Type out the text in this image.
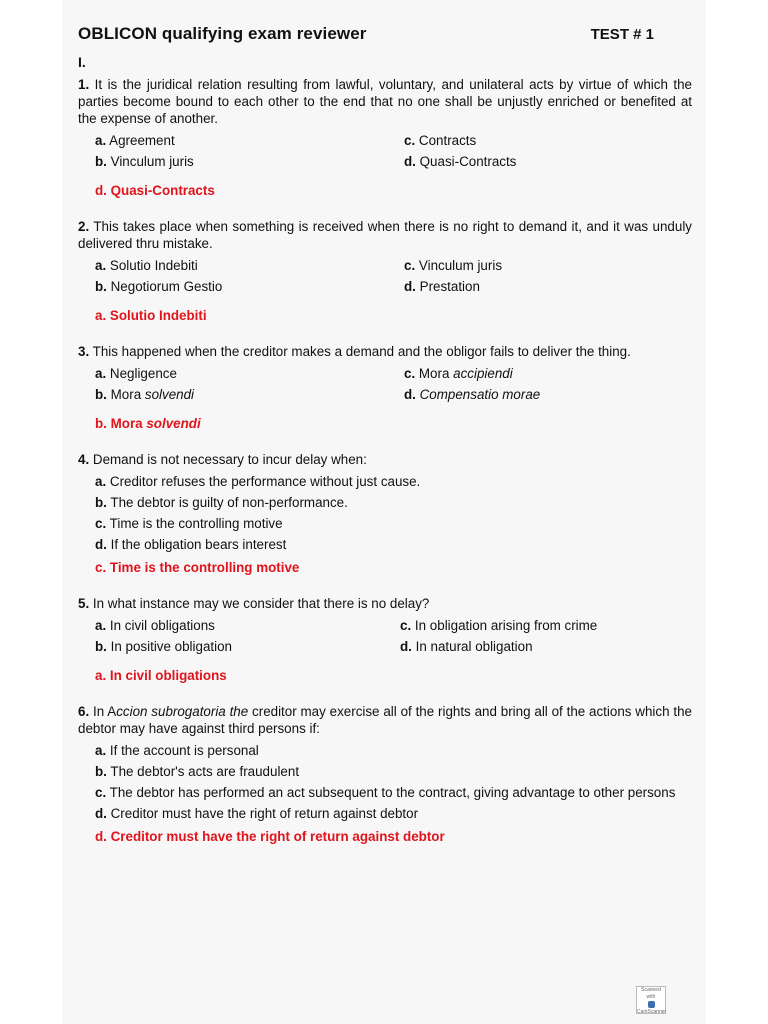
OBLICON qualifying exam reviewer	TEST # 1
I.
1. It is the juridical relation resulting from lawful, voluntary, and unilateral acts by virtue of which the parties become bound to each other to the end that no one shall be unjustly enriched or benefited at the expense of another.
a. Agreement	c. Contracts
b. Vinculum juris	d. Quasi-Contracts
d. Quasi-Contracts
2. This takes place when something is received when there is no right to demand it, and it was unduly delivered thru mistake.
a. Solutio Indebiti	c. Vinculum juris
b. Negotiorum Gestio	d. Prestation
a. Solutio Indebiti
3. This happened when the creditor makes a demand and the obligor fails to deliver the thing.
a. Negligence	c. Mora accipiendi
b. Mora solvendi	d. Compensatio morae
b. Mora solvendi
4. Demand is not necessary to incur delay when:
a. Creditor refuses the performance without just cause.
b. The debtor is guilty of non-performance.
c. Time is the controlling motive
d. If the obligation bears interest
c. Time is the controlling motive
5. In what instance may we consider that there is no delay?
a. In civil obligations	c. In obligation arising from crime
b. In positive obligation	d. In natural obligation
a. In civil obligations
6. In Accion subrogatoria the creditor may exercise all of the rights and bring all of the actions which the debtor may have against third persons if:
a. If the account is personal
b. The debtor's acts are fraudulent
c. The debtor has performed an act subsequent to the contract, giving advantage to other persons
d. Creditor must have the right of return against debtor
d. Creditor must have the right of return against debtor
Scanned with
CamScanner
